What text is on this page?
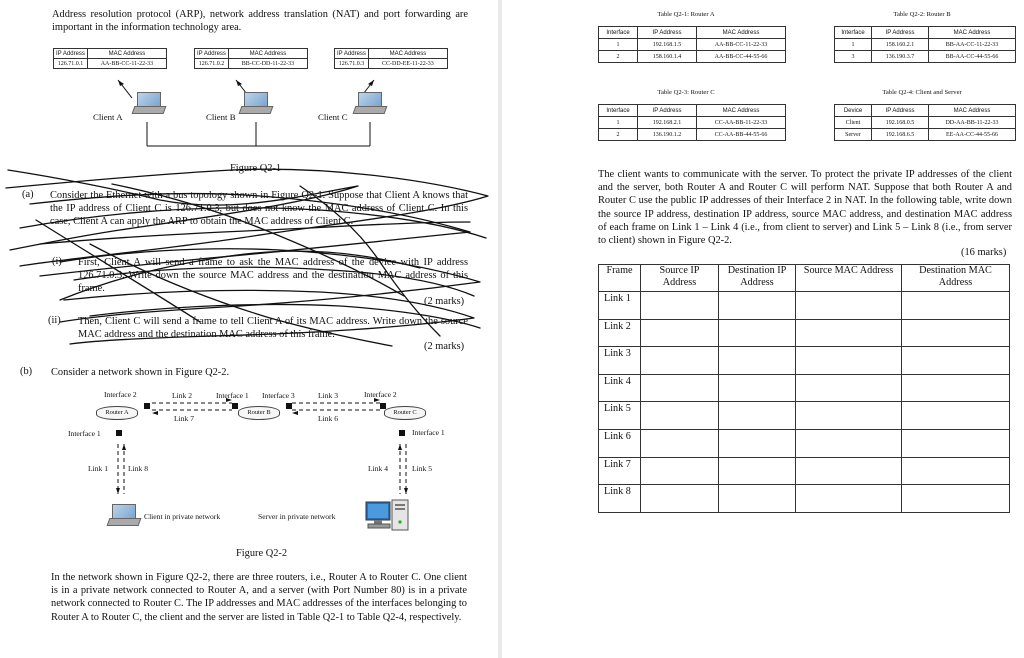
Address resolution protocol (ARP), network address translation (NAT) and port forwarding are important in the information technology area.

IP Address	MAC Address
126.71.0.1	AA-BB-CC-11-22-33
IP Address	MAC Address
126.71.0.2	BB-CC-DD-11-22-33
IP Address	MAC Address
126.71.0.3	CC-DD-EE-11-22-33
Client A	Client B	Client C
Figure Q2-1
(a) Consider the Ethernet with a bus topology shown in Figure Q2-1. Suppose that Client A knows that the IP address of Client C is 126.71.0.3, but does not know the MAC address of Client C. In this case, Client A can apply the ARP to obtain the MAC address of Client C.

(i) First, Client A will send a frame to ask the MAC address of the device with IP address 126.71.0.3. Write down the source MAC address and the destination MAC address of this frame.

(2 marks)
(ii) Then, Client C will send a frame to tell Client A of its MAC address. Write down the source MAC address and the destination MAC address of this frame.

(2 marks)
(b) Consider a network shown in Figure Q2-2.

Router A	Router B	Router C
Interface 2	Link 2	Interface 1 Interface 3	Link 3	Interface 2
Link 7	Link 6
Interface 1	Interface 1
Link 1	Link 8	Link 4	Link 5
Client in private network	Server in private network
Figure Q2-2

In the network shown in Figure Q2-2, there are three routers, i.e., Router A to Router C. One client is in a private network connected to Router A, and a server (with Port Number 80) is in a private network connected to Router C. The IP addresses and MAC addresses of the interfaces belonging to Router A to Router C, the client and the server are listed in Table Q2-1 to Table Q2-4, respectively.

Table Q2-1: Router A
Interface	IP Address	MAC Address
1	192.168.1.5	AA-BB-CC-11-22-33
2	158.160.1.4	AA-BB-CC-44-55-66
Table Q2-2: Router B
Interface	IP Address	MAC Address
1	158.160.2.1	BB-AA-CC-11-22-33
3	136.190.3.7	BB-AA-CC-44-55-66
Table Q2-3: Router C
Interface	IP Address	MAC Address
1	192.168.2.1	CC-AA-BB-11-22-33
2	136.190.1.2	CC-AA-BB-44-55-66
Table Q2-4: Client and Server
Device	IP Address	MAC Address
Client	192.168.0.5	DD-AA-BB-11-22-33
Server	192.168.6.5	EE-AA-CC-44-55-66

The client wants to communicate with the server. To protect the private IP addresses of the client and the server, both Router A and Router C will perform NAT. Suppose that both Router A and Router C use the public IP addresses of their Interface 2 in NAT. In the following table, write down the source IP address, destination IP address, source MAC address, and destination MAC address of each frame on Link 1 – Link 4 (i.e., from client to server) and Link 5 – Link 8 (i.e., from server to client) shown in Figure Q2-2.

(16 marks)
Frame	Source IP Address	Destination IP Address	Source MAC Address	Destination MAC Address
Link 1				
Link 2				
Link 3				
Link 4				
Link 5				
Link 6				
Link 7				
Link 8				
